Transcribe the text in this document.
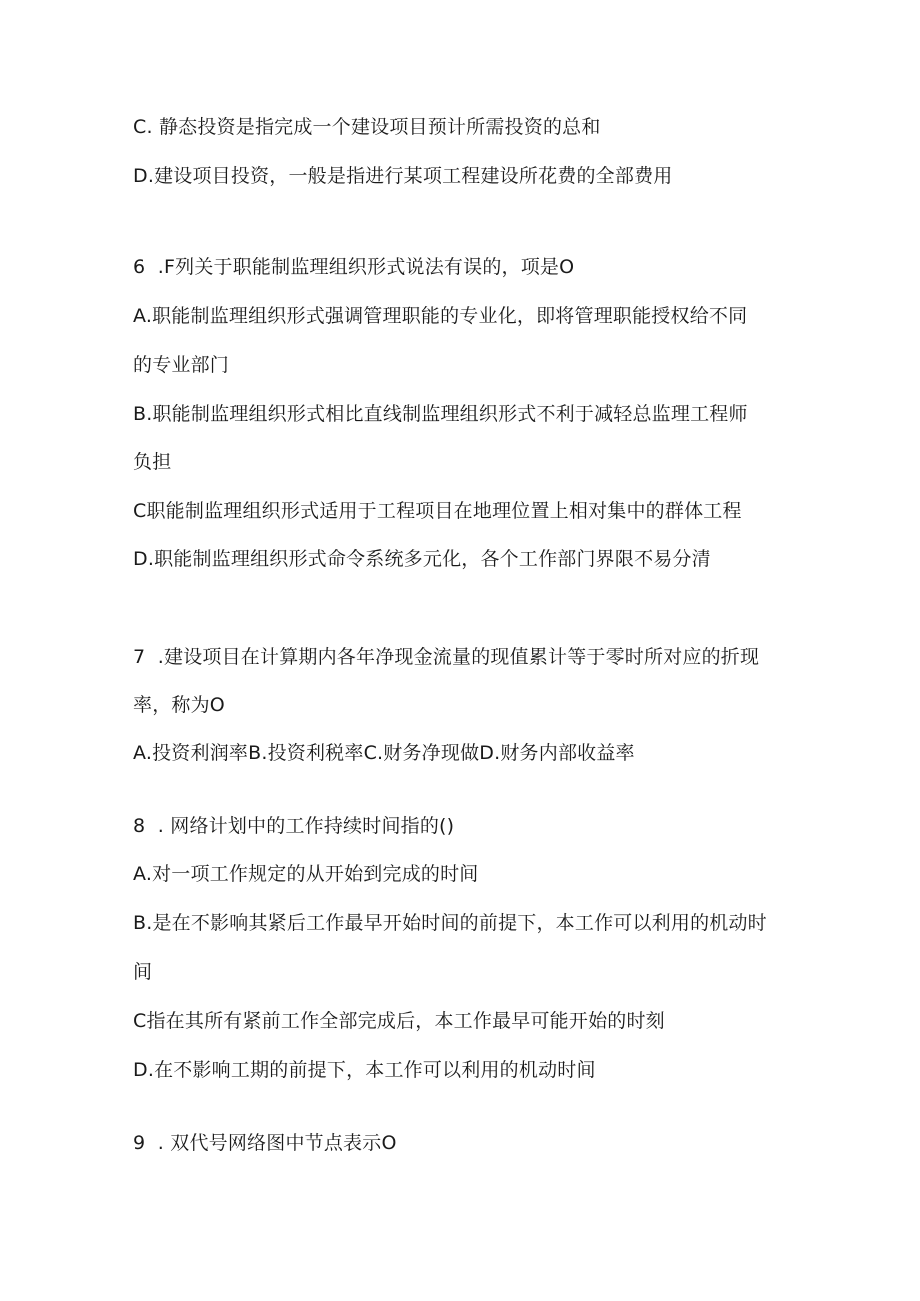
C. 静态投资是指完成一个建设项目预计所需投资的总和
D.建设项目投资，一般是指进行某项工程建设所花费的全部费用
6  .F列关于职能制监理组织形式说法有误的，项是O
A.职能制监理组织形式强调管理职能的专业化，即将管理职能授权给不同
的专业部门
B.职能制监理组织形式相比直线制监理组织形式不利于减轻总监理工程师
负担
C职能制监理组织形式适用于工程项目在地理位置上相对集中的群体工程
D.职能制监理组织形式命令系统多元化，各个工作部门界限不易分清
7  .建设项目在计算期内各年净现金流量的现值累计等于零时所对应的折现
率，称为O
A.投资利润率B.投资利税率C.财务净现做D.财务内部收益率
8  . 网络计划中的工作持续时间指的()
A.对一项工作规定的从开始到完成的时间
B.是在不影响其紧后工作最早开始时间的前提下，本工作可以利用的机动时
间
C指在其所有紧前工作全部完成后，本工作最早可能开始的时刻
D.在不影响工期的前提下，本工作可以利用的机动时间
9  . 双代号网络图中节点表示O
